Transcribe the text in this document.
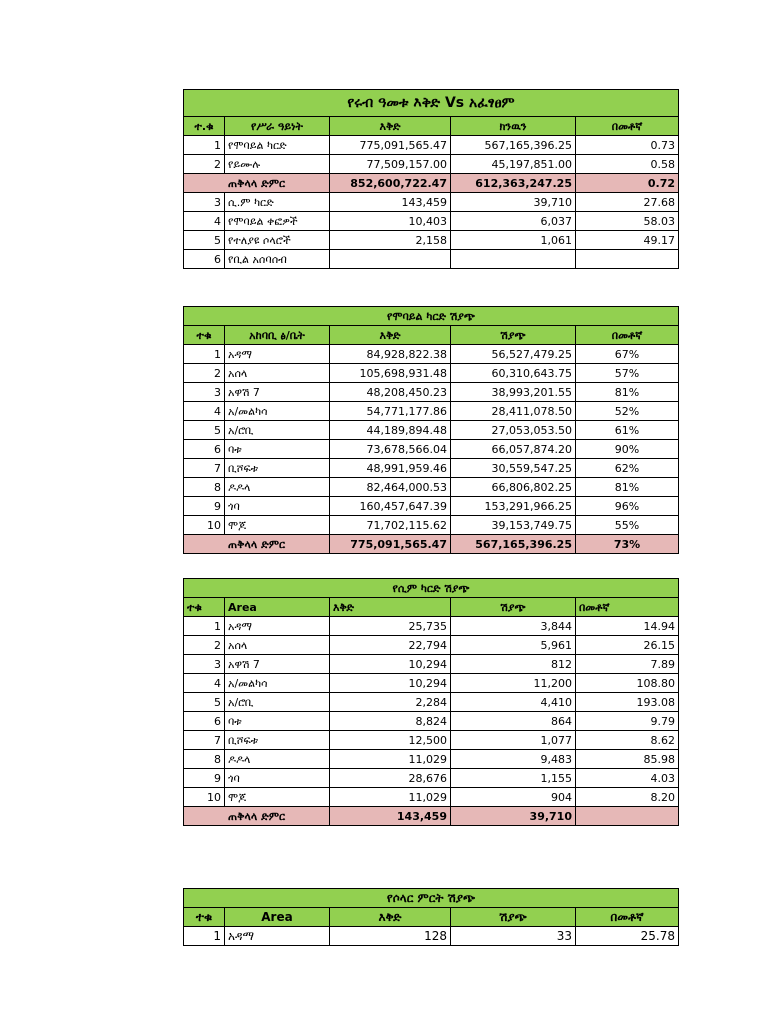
የሩብ ዓመቱ እቅድ Vs አፈፃፀም				
ተ.ቁ	የሥራ ዓይነት	እቅድ	ክንዉን	በመቶኛ
1	የሞባይል ካርድ	775,091,565.47	567,165,396.25	0.73
2	የይሙሉ	77,509,157.00	45,197,851.00	0.58
ጠቅላላ ድምር		852,600,722.47	612,363,247.25	0.72
3	ሲ.ም ካርድ	143,459	39,710	27.68
4	የሞባይል ቀፎዎች	10,403	6,037	58.03
5	የተለያዩ ሶላሮች	2,158	1,061	49.17
6	የቢል አሰባሰብ			
የሞባይል ካርድ ሽያጭ				
ተቁ	አከባቢ ፅ/ቤት	እቅድ	ሽያጭ	በመቶኛ
1	አዳማ	84,928,822.38	56,527,479.25	67%
2	አሰላ	105,698,931.48	60,310,643.75	57%
3	አዋሽ 7	48,208,450.23	38,993,201.55	81%
4	አ/መልካሳ	54,771,177.86	28,411,078.50	52%
5	አ/ሮቢ	44,189,894.48	27,053,053.50	61%
6	ባቱ	73,678,566.04	66,057,874.20	90%
7	ቢሾፍቱ	48,991,959.46	30,559,547.25	62%
8	ዶዶላ	82,464,000.53	66,806,802.25	81%
9	ጎባ	160,457,647.39	153,291,966.25	96%
10	ሞጆ	71,702,115.62	39,153,749.75	55%
ጠቅላላ ድምር		775,091,565.47	567,165,396.25	73%
የሲም ካርድ ሽያጭ				
ተቁ	Area	እቅድ	ሽያጭ	በመቶኛ
1	አዳማ	25,735	3,844	14.94
2	አሰላ	22,794	5,961	26.15
3	አዋሽ 7	10,294	812	7.89
4	አ/መልካሳ	10,294	11,200	108.80
5	አ/ሮቢ	2,284	4,410	193.08
6	ባቱ	8,824	864	9.79
7	ቢሾፍቱ	12,500	1,077	8.62
8	ዶዶላ	11,029	9,483	85.98
9	ጎባ	28,676	1,155	4.03
10	ሞጆ	11,029	904	8.20
ጠቅላላ ድምር		143,459	39,710	
የሶላር ምርት ሽያጭ				
ተቁ	Area	እቅድ	ሽያጭ	በመቶኛ
1	አዳማ	128	33	25.78
